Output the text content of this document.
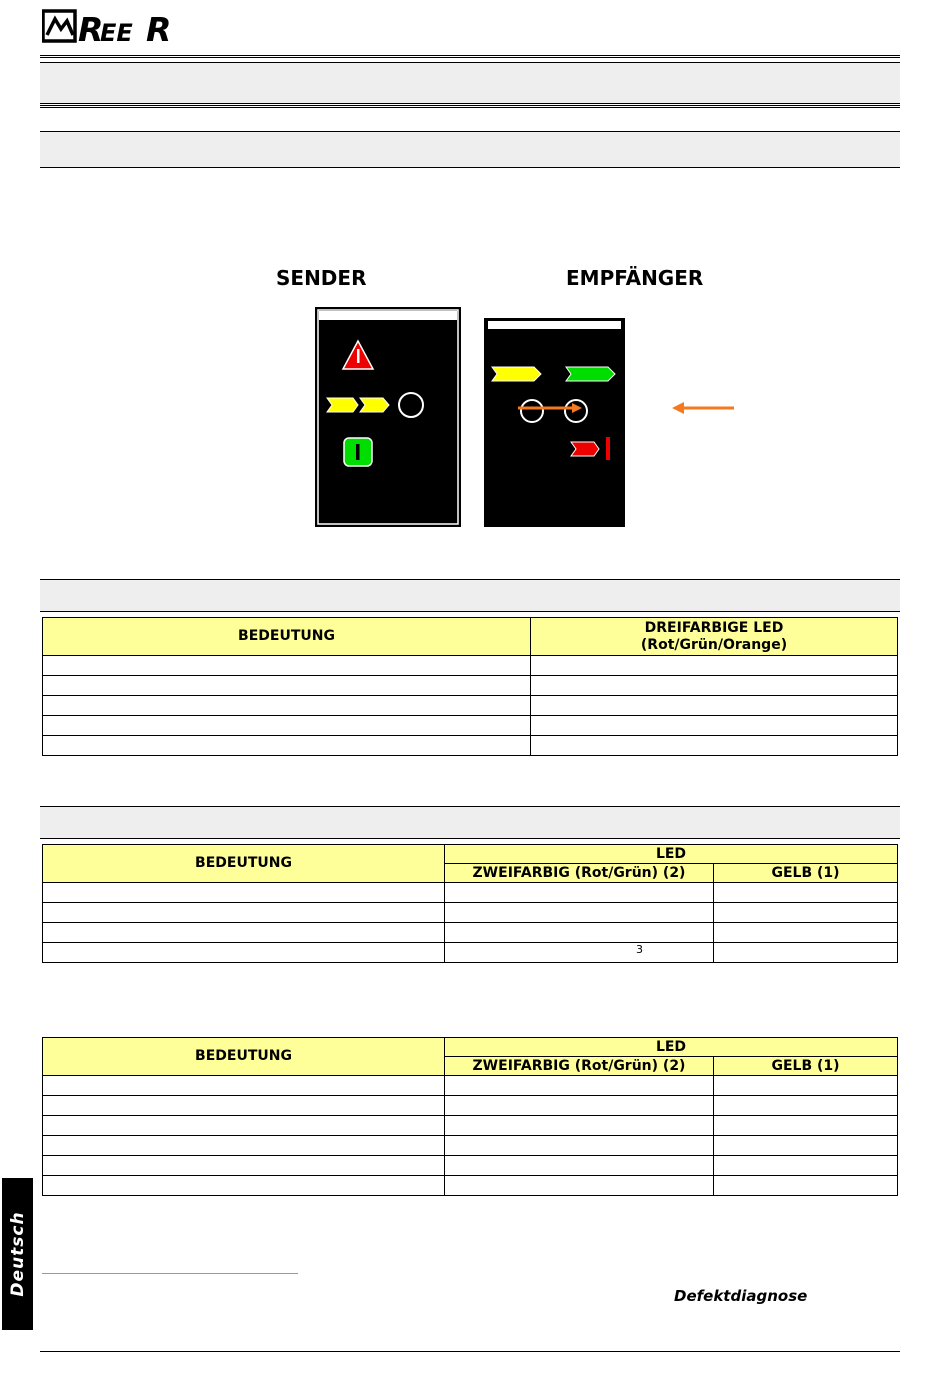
R
EE R
SENDER	EMPFÄNGER
BEDEUTUNG	DREIFARBIGE LED
(Rot/Grün/Orange)

BEDEUTUNG	LED	
	ZWEIFARBIG (Rot/Grün) (2)	GELB (1)

	3	
BEDEUTUNG	LED	
	ZWEIFARBIG (Rot/Grün) (2)	GELB (1)

Deutsch	Defektdiagnose
